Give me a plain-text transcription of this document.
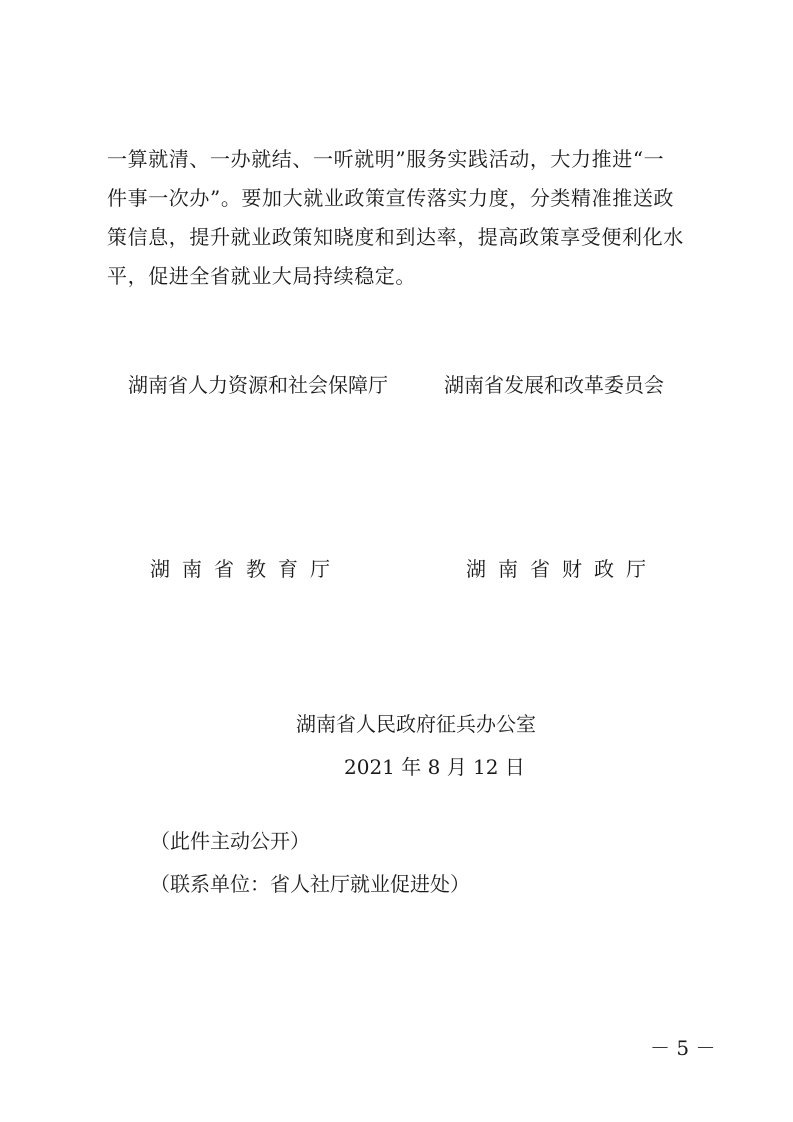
一算就清、一办就结、一听就明”服务实践活动，大力推进“一
件事一次办”。要加大就业政策宣传落实力度，分类精准推送政
策信息，提升就业政策知晓度和到达率，提高政策享受便利化水
平，促进全省就业大局持续稳定。
湖南省人力资源和社会保障厅	湖南省发展和改革委员会
湖南省教育厅	湖南省财政厅
湖南省人民政府征兵办公室
2021 年 8 月 12 日
（此件主动公开）
（联系单位：省人社厅就业促进处）
－ 5 －
